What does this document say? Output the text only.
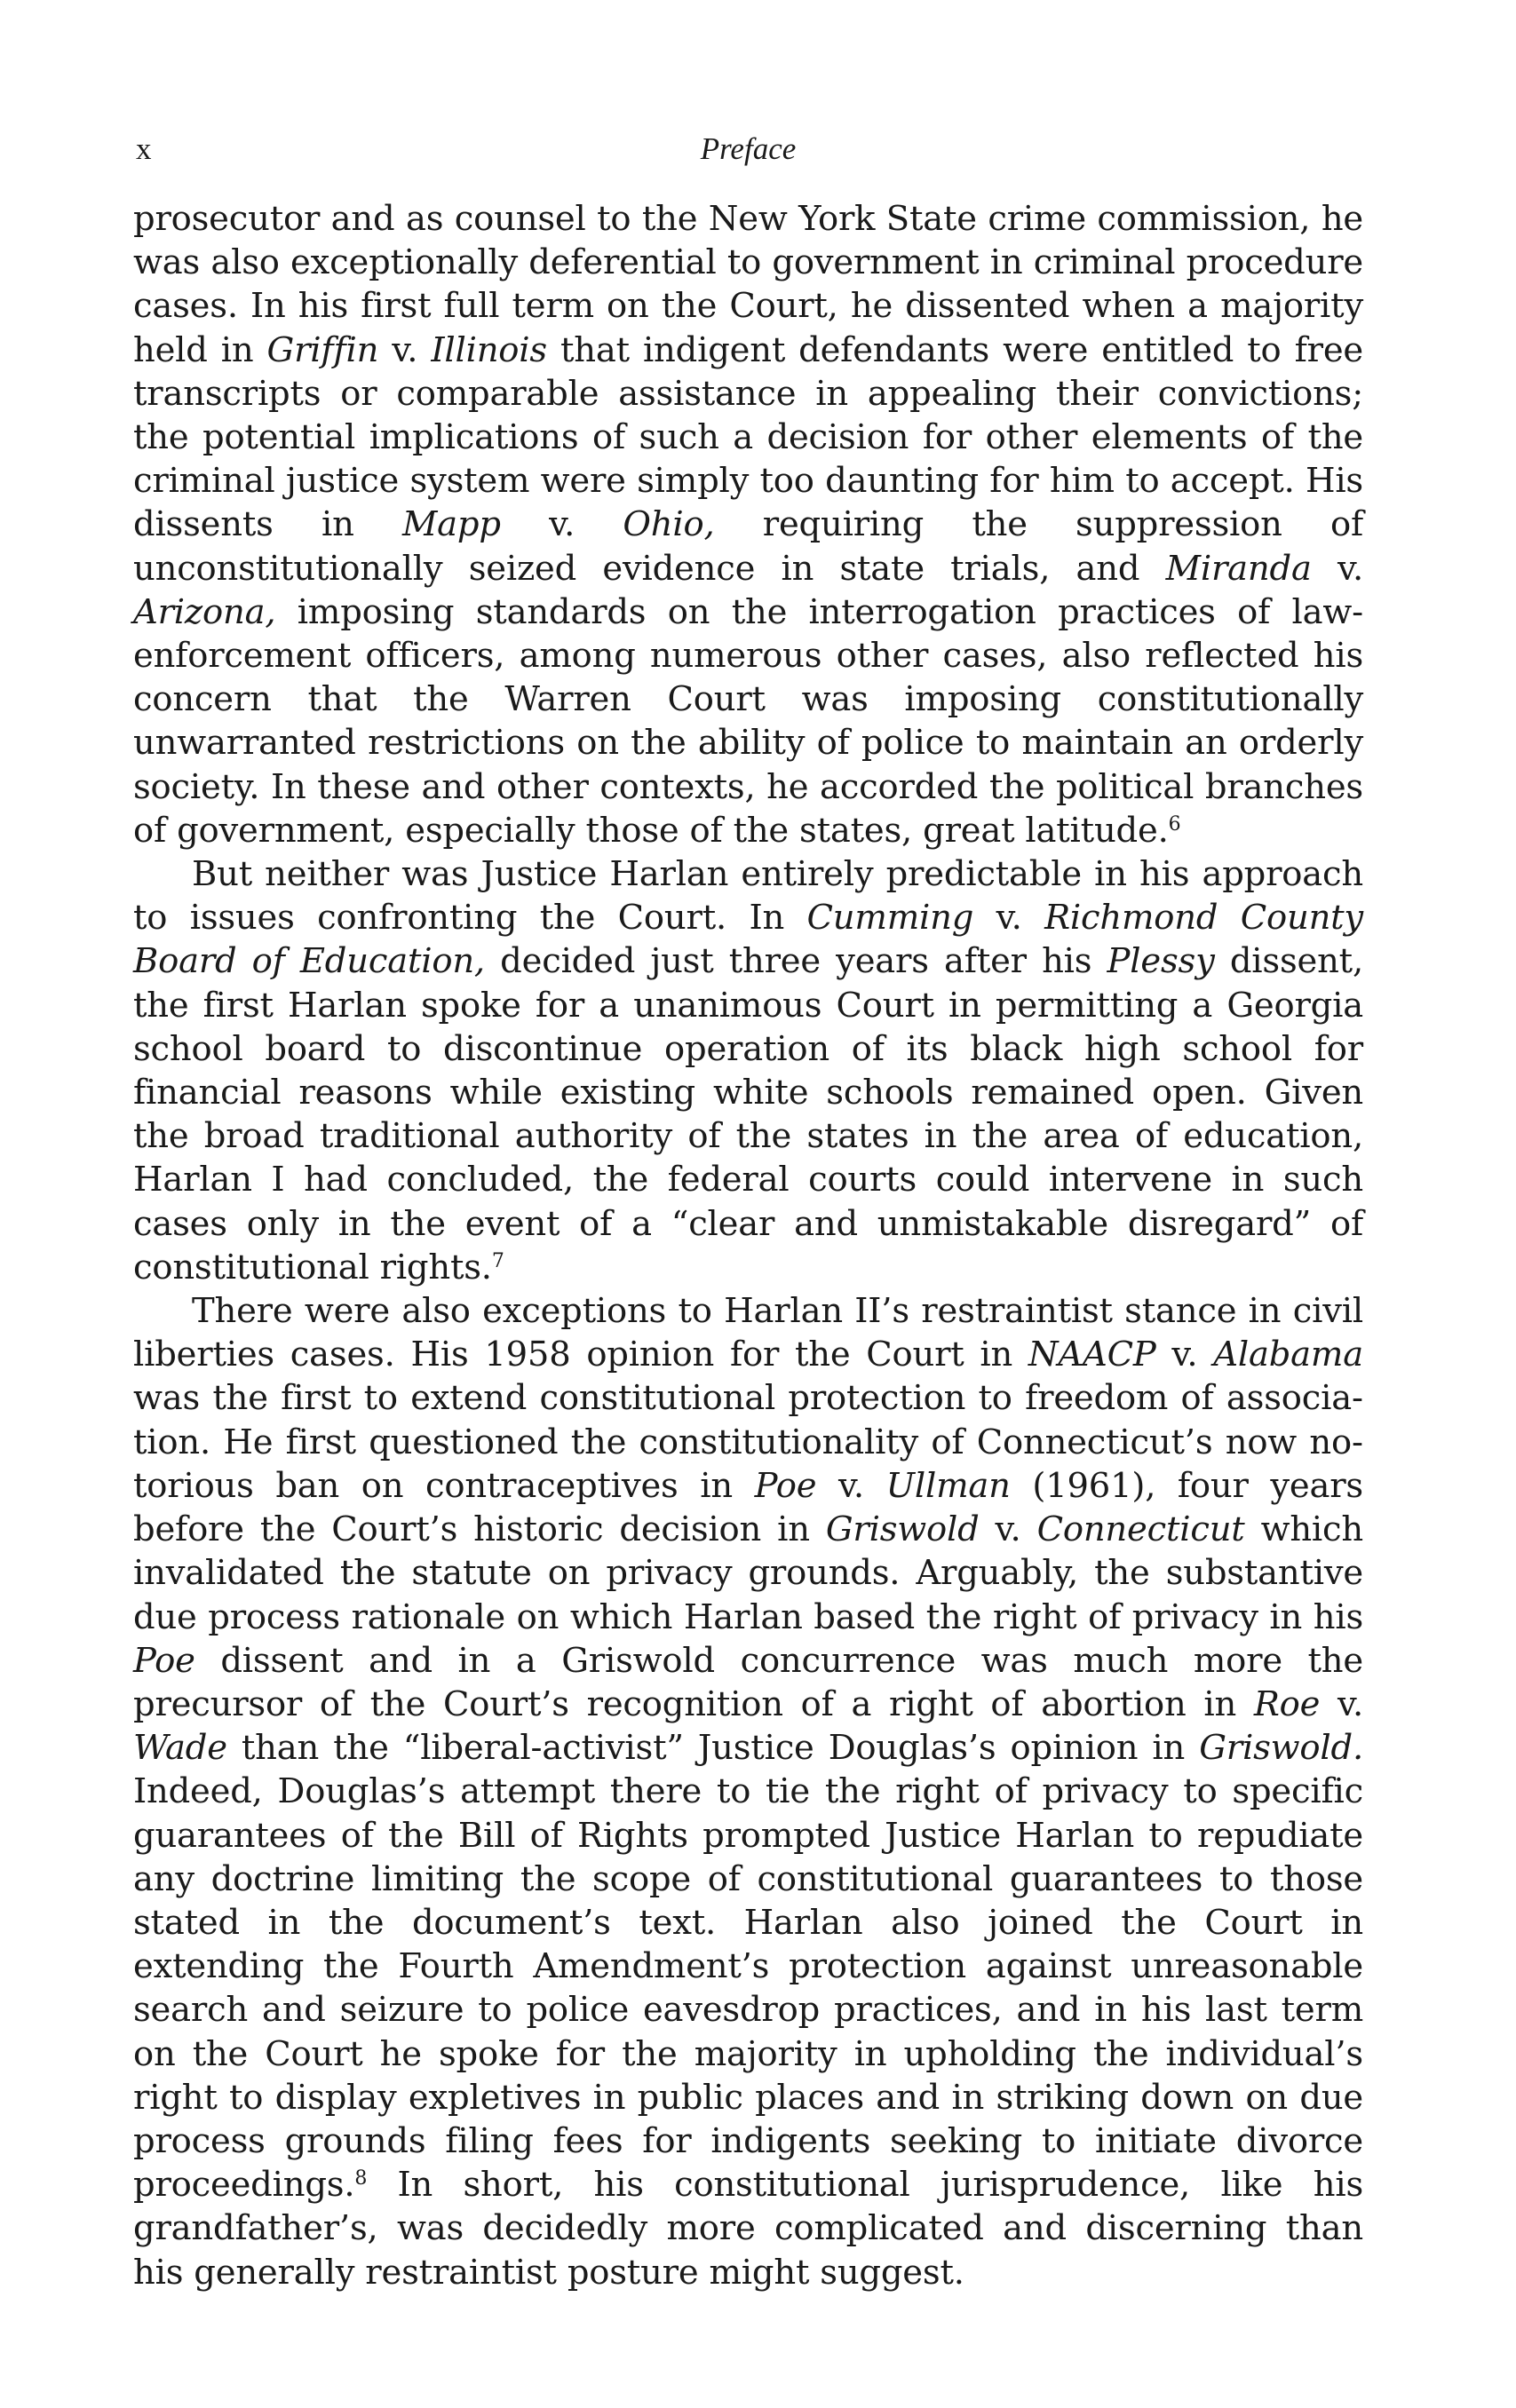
x	Preface

prosecutor and as counsel to the New York State crime commission, he was also exceptionally deferential to government in criminal procedure cases. In his first full term on the Court, he dissented when a majority held in Griffin v. Illinois that indigent defendants were entitled to free transcripts or comparable assistance in appealing their convictions; the potential implications of such a decision for other elements of the criminal justice system were simply too daunting for him to accept. His dissents in Mapp v. Ohio, requiring the suppression of unconstitutionally seized evidence in state trials, and Miranda v. Arizona, imposing standards on the interrogation practices of law-enforcement officers, among numerous other cases, also reflected his concern that the Warren Court was imposing constitutionally unwarranted restrictions on the ability of police to maintain an orderly society. In these and other contexts, he accorded the political branches of government, especially those of the states, great latitude.$^6$

But neither was Justice Harlan entirely predictable in his approach to issues confronting the Court. In Cumming v. Richmond County Board of Education, decided just three years after his Plessy dissent, the first Harlan spoke for a unanimous Court in permitting a Georgia school board to discontinue operation of its black high school for financial reasons while existing white schools remained open. Given the broad traditional authority of the states in the area of education, Harlan I had concluded, the federal courts could intervene in such cases only in the event of a “clear and unmistakable disregard” of constitutional rights.$^7$

There were also exceptions to Harlan II’s restraintist stance in civil liberties cases. His 1958 opinion for the Court in NAACP v. Alabama was the first to extend constitutional protection to freedom of association. He first questioned the constitutionality of Connecticut’s now notorious ban on contraceptives in Poe v. Ullman (1961), four years before the Court’s historic decision in Griswold v. Connecticut which invalidated the statute on privacy grounds. Arguably, the substantive due process rationale on which Harlan based the right of privacy in his Poe dissent and in a Griswold concurrence was much more the precursor of the Court’s recognition of a right of abortion in Roe v. Wade than the “liberal-activist” Justice Douglas’s opinion in Griswold. Indeed, Douglas’s attempt there to tie the right of privacy to specific guarantees of the Bill of Rights prompted Justice Harlan to repudiate any doctrine limiting the scope of constitutional guarantees to those stated in the document’s text. Harlan also joined the Court in extending the Fourth Amendment’s protection against unreasonable search and seizure to police eavesdrop practices, and in his last term on the Court he spoke for the majority in upholding the individual’s right to display expletives in public places and in striking down on due process grounds filing fees for indigents seeking to initiate divorce proceedings.$^8$ In short, his constitutional jurisprudence, like his grandfather’s, was decidedly more complicated and discerning than his generally restraintist posture might suggest.
